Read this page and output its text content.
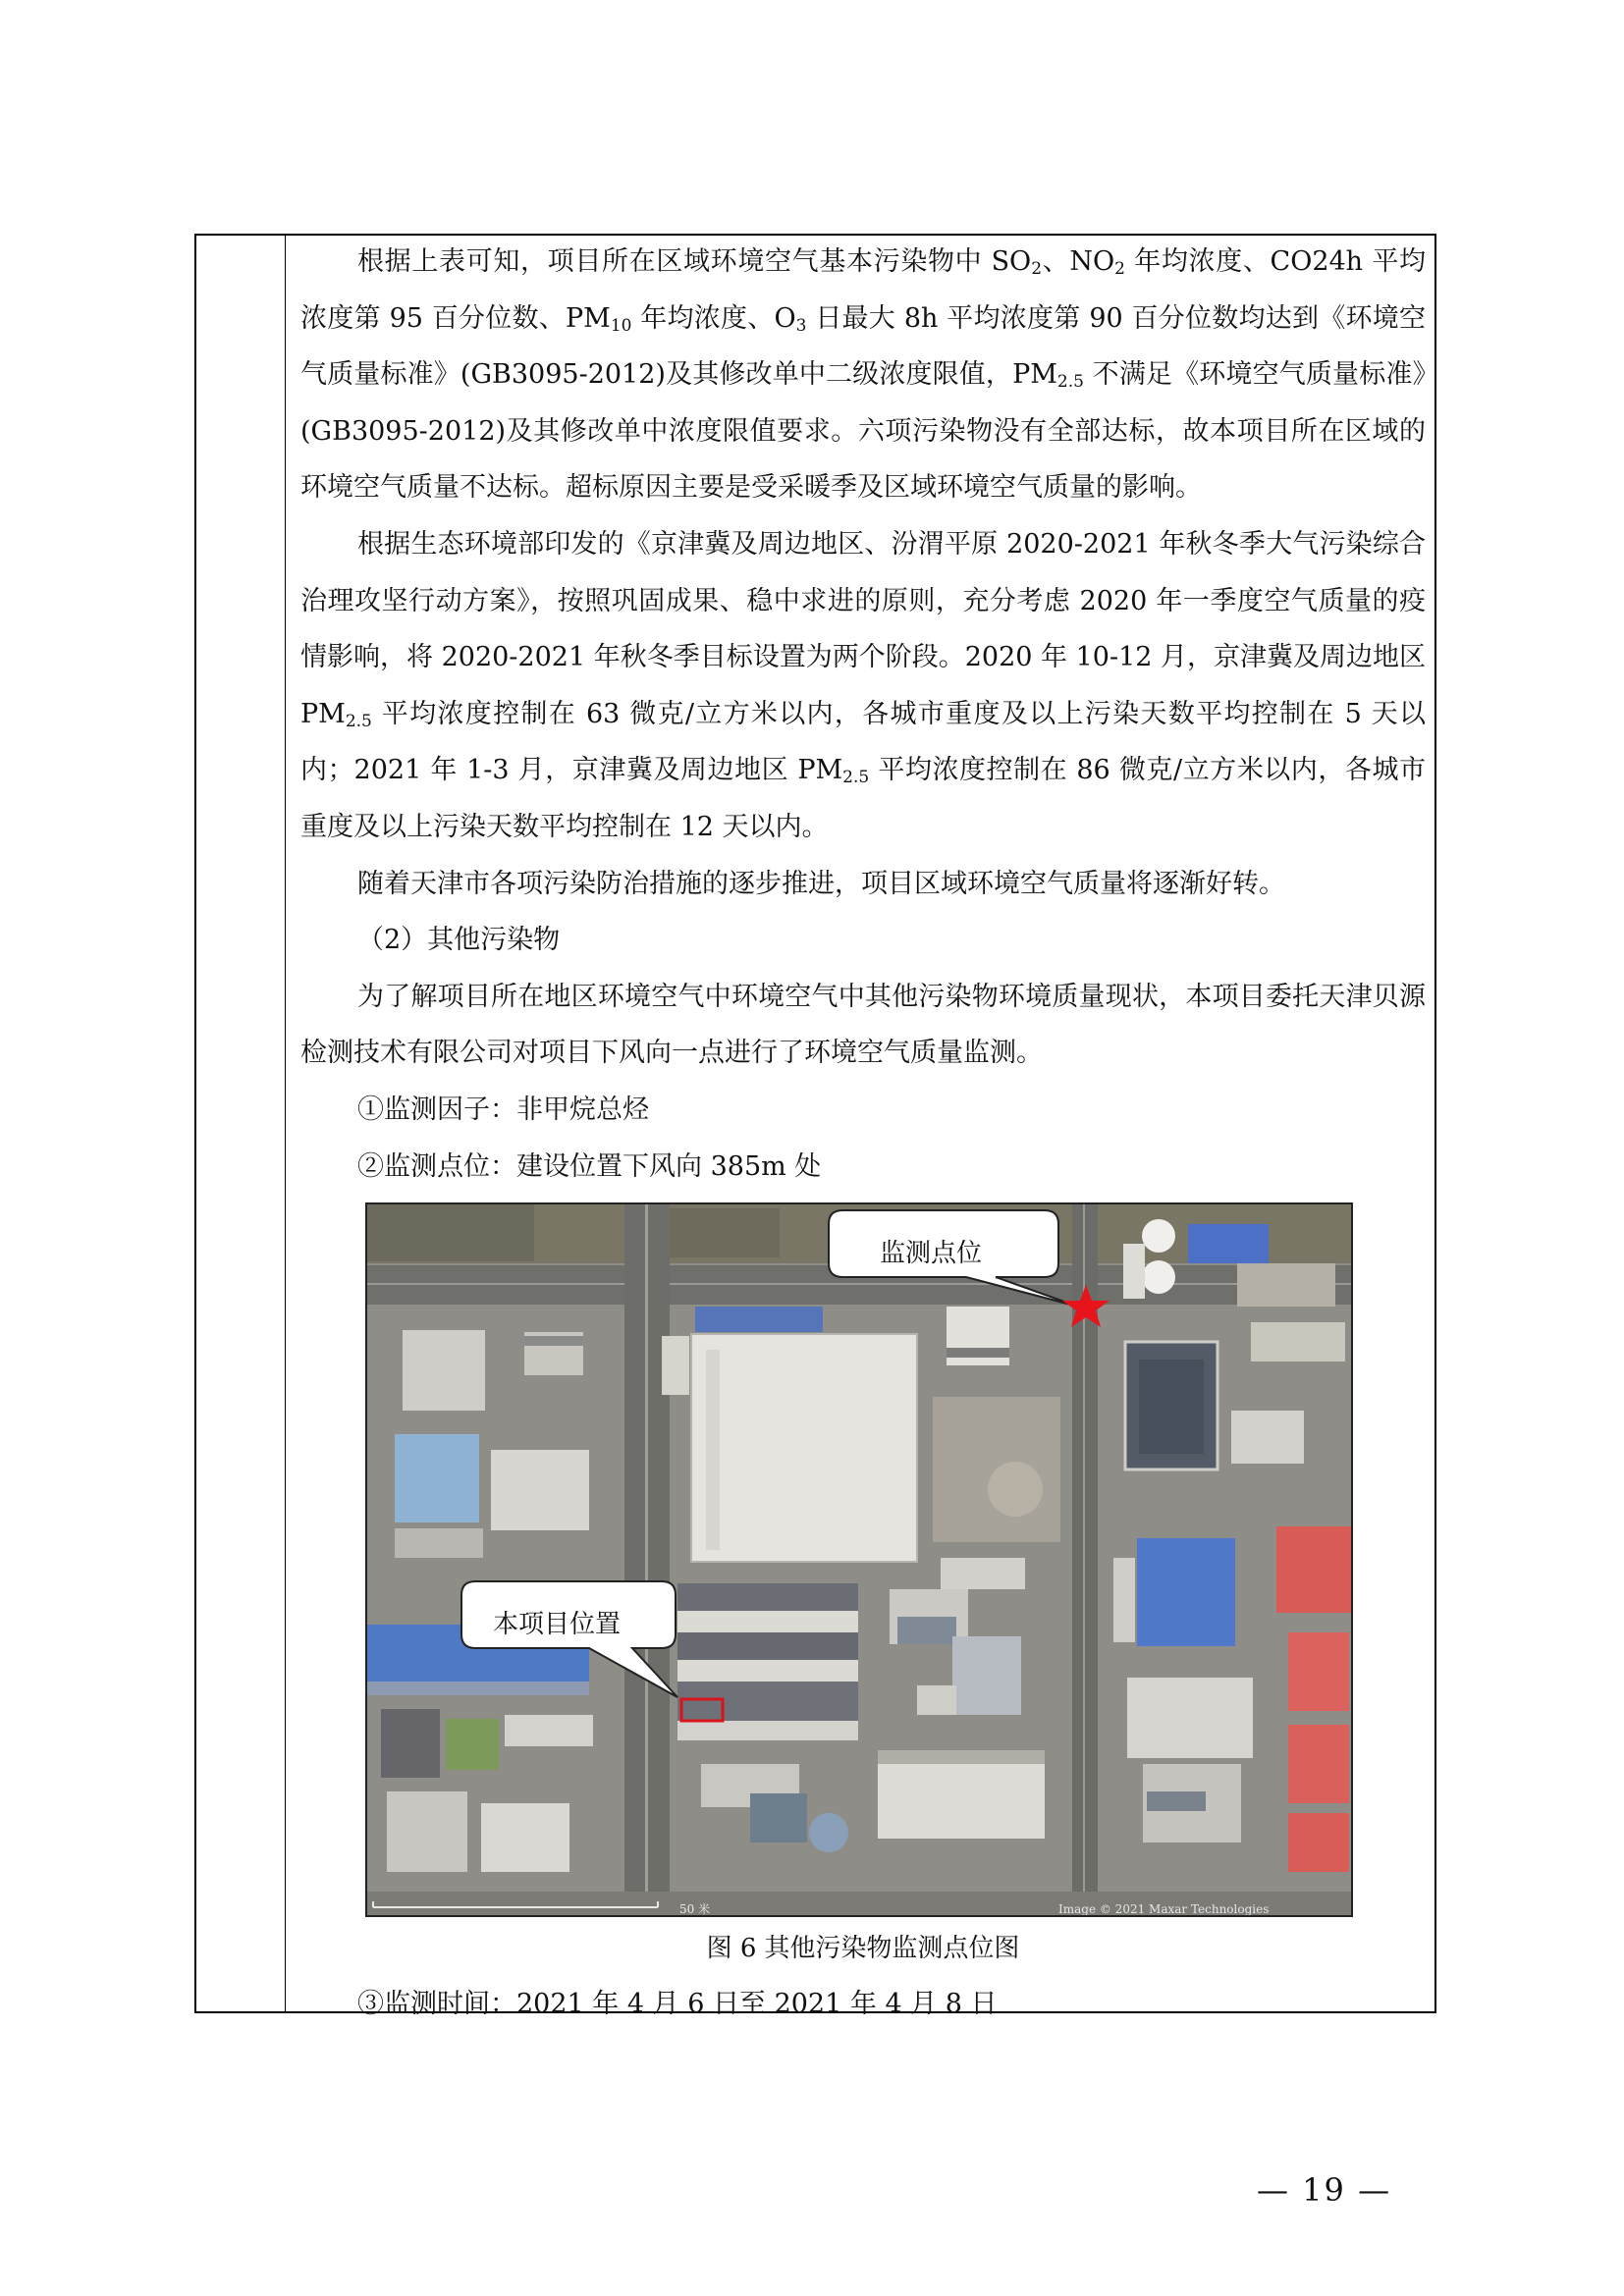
根据上表可知，项目所在区域环境空气基本污染物中 $SO_2$、$NO_2$ 年均浓度、CO24h 平均浓度第 95 百分位数、$PM_{10}$ 年均浓度、$O_3$ 日最大 8h 平均浓度第 90 百分位数均达到《环境空气质量标准》(GB3095-2012)及其修改单中二级浓度限值，$PM_{2.5}$ 不满足《环境空气质量标准》(GB3095-2012)及其修改单中浓度限值要求。六项污染物没有全部达标，故本项目所在区域的环境空气质量不达标。超标原因主要是受采暖季及区域环境空气质量的影响。

根据生态环境部印发的《京津冀及周边地区、汾渭平原 2020-2021 年秋冬季大气污染综合治理攻坚行动方案》，按照巩固成果、稳中求进的原则，充分考虑 2020 年一季度空气质量的疫情影响，将 2020-2021 年秋冬季目标设置为两个阶段。2020 年 10-12 月，京津冀及周边地区 $PM_{2.5}$ 平均浓度控制在 63 微克/立方米以内，各城市重度及以上污染天数平均控制在 5 天以内；2021 年 1-3 月，京津冀及周边地区 $PM_{2.5}$ 平均浓度控制在 86 微克/立方米以内，各城市重度及以上污染天数平均控制在 12 天以内。

随着天津市各项污染防治措施的逐步推进，项目区域环境空气质量将逐渐好转。

（2）其他污染物

为了解项目所在地区环境空气中环境空气中其他污染物环境质量现状，本项目委托天津贝源检测技术有限公司对项目下风向一点进行了环境空气质量监测。

①监测因子：非甲烷总烃

②监测点位：建设位置下风向 385m 处

监测点位
本项目位置
Image © 2021 Maxar Technologies
50 米
图 6 其他污染物监测点位图

③监测时间：2021 年 4 月 6 日至 2021 年 4 月 8 日

— 19 —
